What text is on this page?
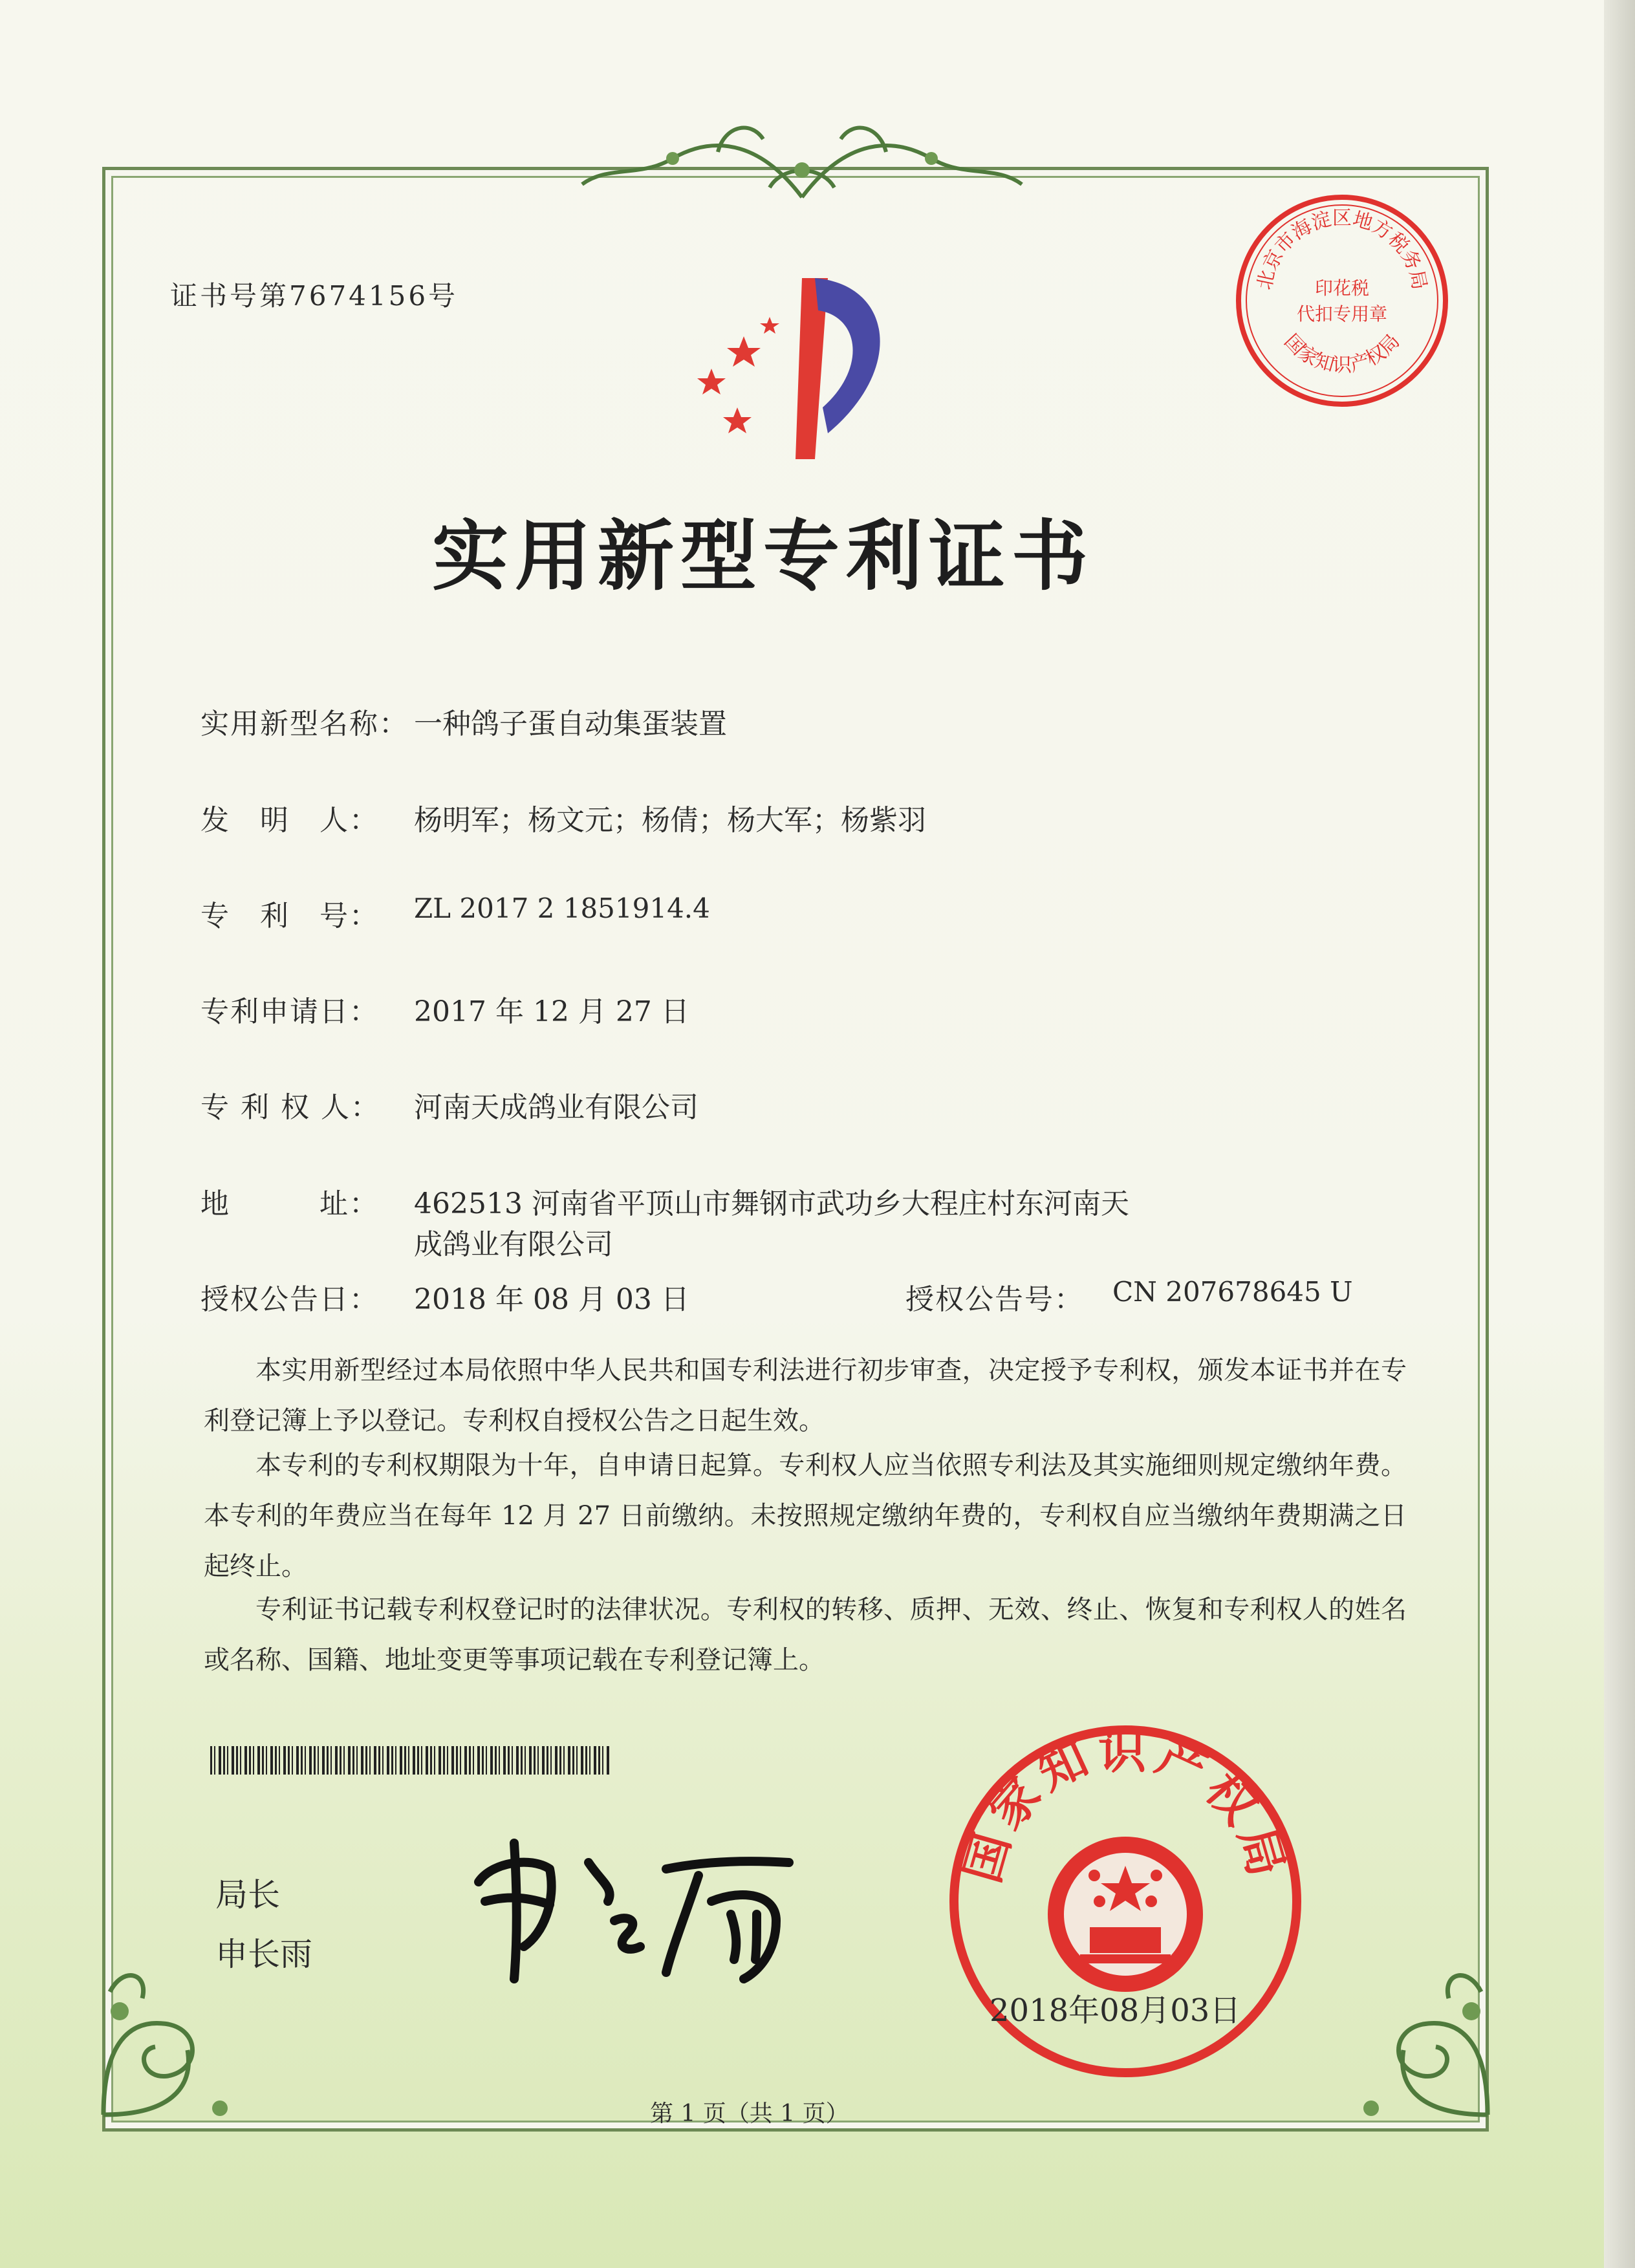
证书号第7674156号
北京市海淀区地方税务局
国家知识产权局
印花税
代扣专用章
实用新型专利证书
实用新型名称： 一种鸽子蛋自动集蛋装置
发　明　人： 杨明军；杨文元；杨倩；杨大军；杨紫羽
专　利　号： ZL 2017 2 1851914.4
专利申请日： 2017 年 12 月 27 日
专 利 权 人： 河南天成鸽业有限公司
地　　　址： 462513 河南省平顶山市舞钢市武功乡大程庄村东河南天
成鸽业有限公司
授权公告日： 2018 年 08 月 03 日	授权公告号： CN 207678645 U
本实用新型经过本局依照中华人民共和国专利法进行初步审查，决定授予专利权，颁发本证书并在专利登记簿上予以登记。专利权自授权公告之日起生效。
本专利的专利权期限为十年，自申请日起算。专利权人应当依照专利法及其实施细则规定缴纳年费。本专利的年费应当在每年 12 月 27 日前缴纳。未按照规定缴纳年费的，专利权自应当缴纳年费期满之日起终止。
专利证书记载专利权登记时的法律状况。专利权的转移、质押、无效、终止、恢复和专利权人的姓名或名称、国籍、地址变更等事项记载在专利登记簿上。
局长
申长雨
国家知识产权局
2018年08月03日
第 1 页（共 1 页）
